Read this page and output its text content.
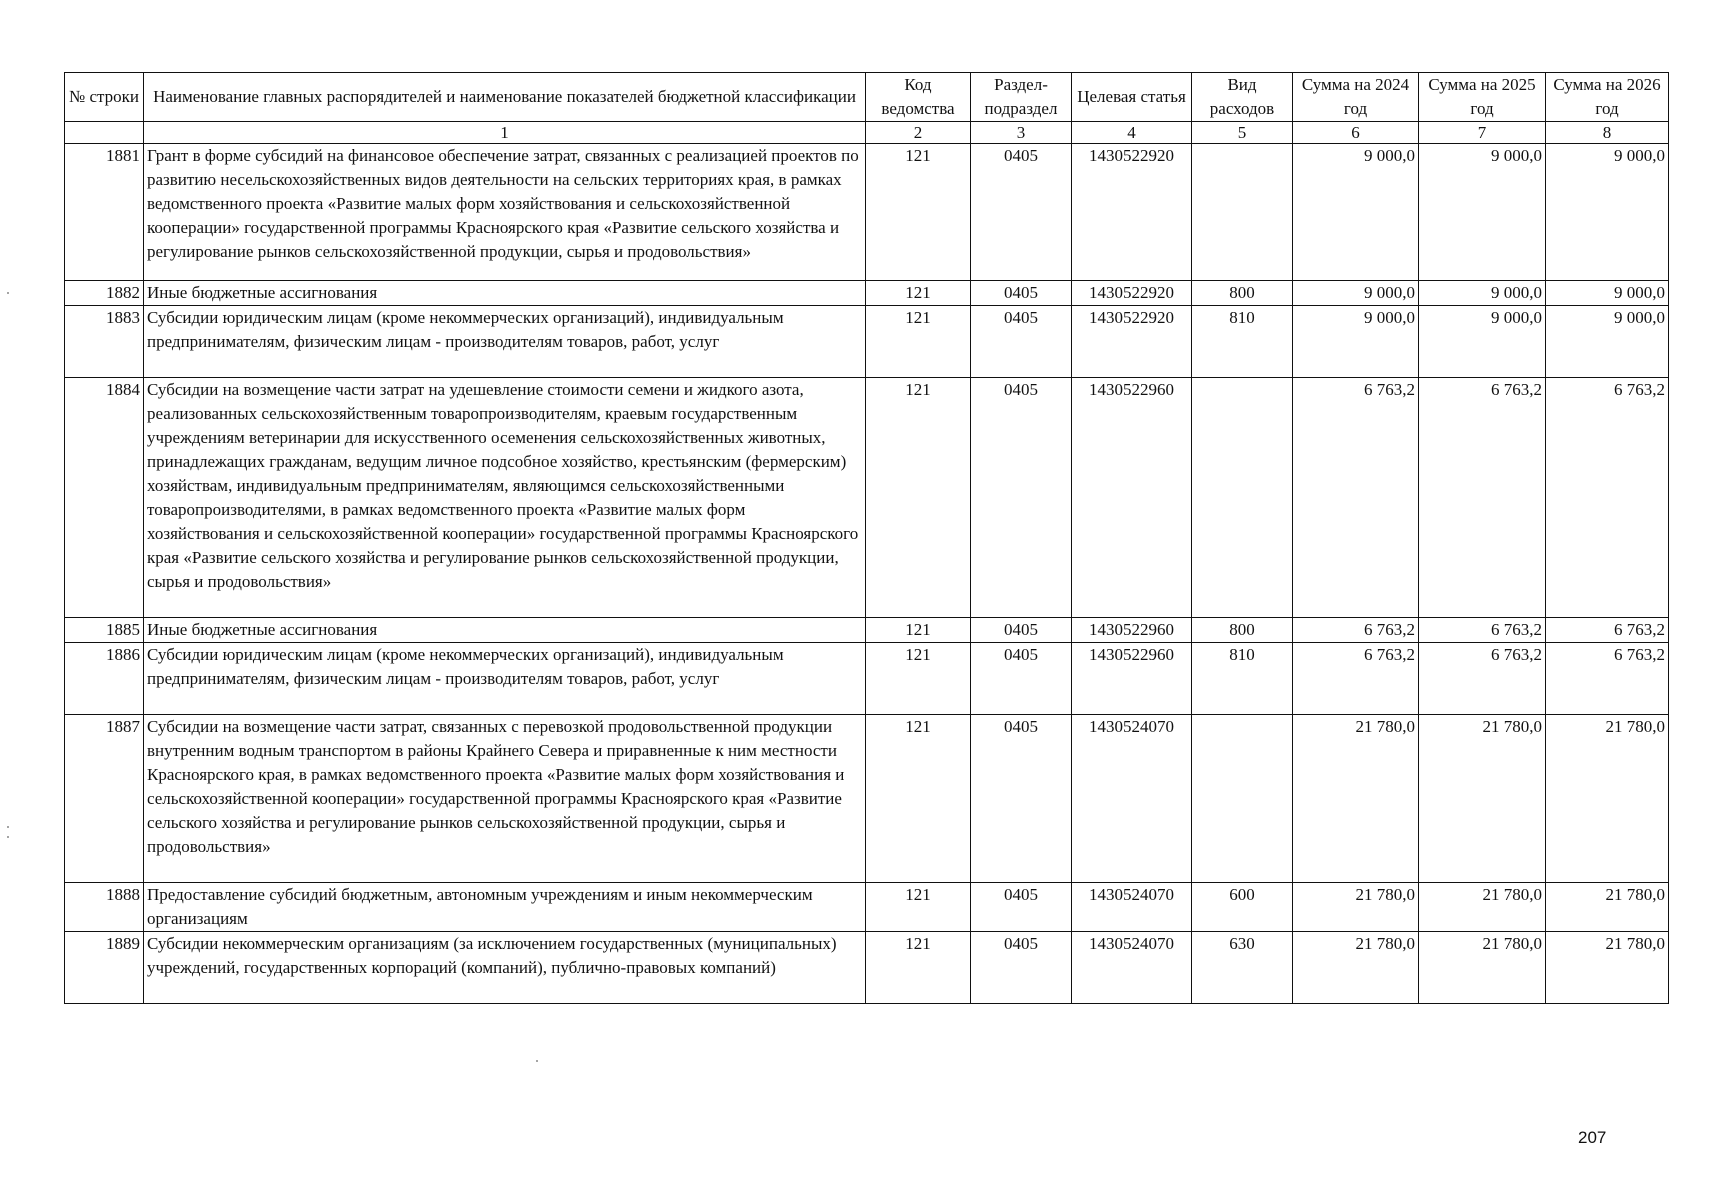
№ строки	Наименование главных распорядителей и наименование показателей бюджетной классификации	Код ведомства	Раздел-подраздел	Целевая статья	Вид расходов	Сумма на 2024 год	Сумма на 2025 год	Сумма на 2026 год
	1	2	3	4	5	6	7	8
1881	Грант в форме субсидий на финансовое обеспечение затрат, связанных с реализацией проектов по развитию несельскохозяйственных видов деятельности на сельских территориях края, в рамках ведомственного проекта «Развитие малых форм хозяйствования и сельскохозяйственной кооперации» государственной программы Красноярского края «Развитие сельского хозяйства и регулирование рынков сельскохозяйственной продукции, сырья и продовольствия»	121	0405	1430522920		9 000,0	9 000,0	9 000,0
1882	Иные бюджетные ассигнования	121	0405	1430522920	800	9 000,0	9 000,0	9 000,0
1883	Субсидии юридическим лицам (кроме некоммерческих организаций), индивидуальным предпринимателям, физическим лицам - производителям товаров, работ, услуг	121	0405	1430522920	810	9 000,0	9 000,0	9 000,0
1884	Субсидии на возмещение части затрат на удешевление стоимости семени и жидкого азота, реализованных сельскохозяйственным товаропроизводителям, краевым государственным учреждениям ветеринарии для искусственного осеменения сельскохозяйственных животных, принадлежащих гражданам, ведущим личное подсобное хозяйство, крестьянским (фермерским) хозяйствам, индивидуальным предпринимателям, являющимся сельскохозяйственными товаропроизводителями, в рамках ведомственного проекта «Развитие малых форм хозяйствования и сельскохозяйственной кооперации» государственной программы Красноярского края «Развитие сельского хозяйства и регулирование рынков сельскохозяйственной продукции, сырья и продовольствия»	121	0405	1430522960		6 763,2	6 763,2	6 763,2
1885	Иные бюджетные ассигнования	121	0405	1430522960	800	6 763,2	6 763,2	6 763,2
1886	Субсидии юридическим лицам (кроме некоммерческих организаций), индивидуальным предпринимателям, физическим лицам - производителям товаров, работ, услуг	121	0405	1430522960	810	6 763,2	6 763,2	6 763,2
1887	Субсидии на возмещение части затрат, связанных с перевозкой продовольственной продукции внутренним водным транспортом в районы Крайнего Севера и приравненные к ним местности Красноярского края, в рамках ведомственного проекта «Развитие малых форм хозяйствования и сельскохозяйственной кооперации» государственной программы Красноярского края «Развитие сельского хозяйства и регулирование рынков сельскохозяйственной продукции, сырья и продовольствия»	121	0405	1430524070		21 780,0	21 780,0	21 780,0
1888	Предоставление субсидий бюджетным, автономным учреждениям и иным некоммерческим организациям	121	0405	1430524070	600	21 780,0	21 780,0	21 780,0
1889	Субсидии некоммерческим организациям (за исключением государственных (муниципальных) учреждений, государственных корпораций (компаний), публично-правовых компаний)	121	0405	1430524070	630	21 780,0	21 780,0	21 780,0
207
